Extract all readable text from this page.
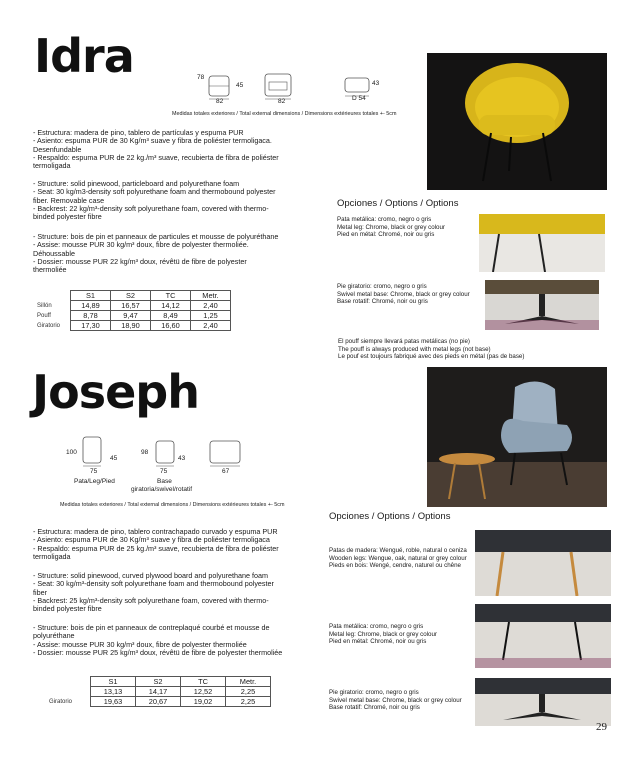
Idra	78
45
82	82
43
D 54
Medidas totales exteriores / Total external dimensions / Dimensions extérieures totales +- 5cm
- Estructura: madera de pino, tablero de partículas y espuma PUR
- Asiento: espuma PUR de 30 Kg/m³ suave y fibra de poliéster termoligaca.
Desenfundable
- Respaldo: espuma PUR de 22 kg./m³ suave, recubierta de fibra de poliéster
termoligada
- Structure: solid pinewood, particleboard and polyurethane foam
- Seat: 30 kg/m3-density soft polyurethane foam and thermobound polyester
fiber. Removable case
- Backrest: 22 kg/m³-density soft polyurethane foam, covered with thermo-
binded polyester fibre
- Structure: bois de pin et panneaux de particules et mousse de polyuréthane
- Assise: mousse PUR 30 kg/m³ doux, fibre de polyester thermoliée.
Déhoussable
- Dossier: mousse PUR 22 kg/m³ doux, révêtü de fibre de polyester
thermoliée
	S1	S2	TC	Metr.
Sillón	14,89	16,57	14,12	2,40
Pouff	8,78	9,47	8,49	1,25
Giratorio	17,30	18,90	16,60	2,40
Opciones / Options / Options
Pata metálica: cromo, negro o gris
Metal leg: Chrome, black or grey colour
Pied en métal: Chromé, noir ou gris
Pie giratorio: cromo, negro o gris
Swivel metal base: Chrome, black or grey colour
Base rotatif: Chromé, noir ou gris
El pouff siempre llevará patas metálicas (no pie)
The pouff is always produced with metal legs (not base)
Le pouf est toujours fabriqué avec des pieds en métal (pas de base)
Joseph
100
45
75
Pata/Leg/Pied
98
43
75
Base
giratoria/swivel/rotatif
67
Medidas totales exteriores / Total external dimensions / Dimensions extérieures totales +- 5cm
- Estructura: madera de pino, tablero contrachapado curvado y espuma PUR
- Asiento: espuma PUR de 30 Kg/m³ suave y fibra de poliéster termoligaca
- Respaldo: espuma PUR de 25 kg./m³ suave, recubierta de fibra de poliéster
termoligada
- Structure: solid pinewood, curved plywood board and polyurethane foam
- Seat: 30 kg/m³-density soft polyurethane foam and thermobound polyester
fiber
- Backrest: 25 kg/m³-density soft polyurethane foam, covered with thermo-
binded polyester fibre
- Structure: bois de pin et panneaux de contreplaqué courbé et mousse de
polyuréthane
- Assise: mousse PUR 30 kg/m³ doux, fibre de polyester thermoliée
- Dossier: mousse PUR 25 kg/m³ doux, révêtü de fibre de polyester thermoliée
	S1	S2	TC	Metr.
	13,13	14,17	12,52	2,25
Giratorio	19,63	20,67	19,02	2,25
Opciones / Options / Options
Patas de madera: Wengué, roble, natural o ceniza
Wooden legs: Wengue, oak, natural or grey colour
Pieds en bois: Wengé, cendre, naturel ou chêne
Pata metálica: cromo, negro o gris
Metal leg: Chrome, black or grey colour
Pied en métal: Chromé, noir ou gris
Pie giratorio: cromo, negro o gris
Swivel metal base: Chrome, black or grey colour
Base rotatif: Chromé, noir ou gris
29
